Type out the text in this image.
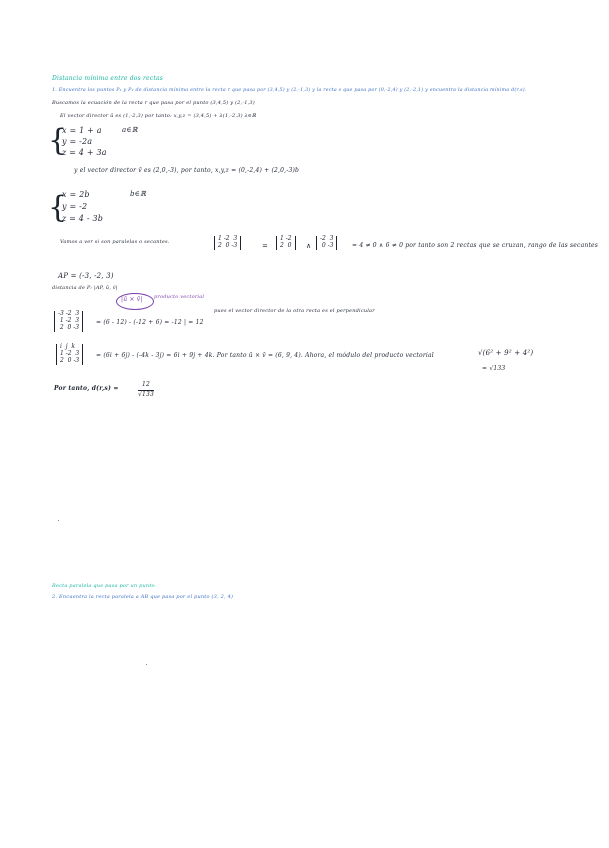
Distancia mínima entre dos rectas
1. Encuentra los puntos P₁ y P₂ de distancia mínima entre la recta r que pasa por (3,4,5) y (2,-1,3) y la recta s que pasa por (0,-2,4) y (2,-2,1) y encuentra la distancia mínima d(r,s).
Buscamos la ecuación de la recta r que pasa por el punto (3,4,5) y (2,-1,3)
El vector director ū es (1,-2,3) por tanto: x,y,z = (3,4,5) + λ(1,-2,3) λ∈ℝ
{
x = 1 + a
y = -2a
z = 4 + 3a
a∈ℝ
y el vector director v̄ es (2,0,-3), por tanto, x,y,z = (0,-2,4) + (2,0,-3)b
{
x = 2b
y = -2
z = 4 - 3b
b∈ℝ
Vamos a ver si son paralelas o secantes.	1 -2  3
2  0 -3	=
1 -2
2  0	∧
-2  3
0 -3	= 4 ≠ 0 ∧ 6 ≠ 0 por tanto son 2 rectas que se cruzan, rango de las secantes
AP = (-3, -2, 3)
distancia de P: |AP, ū, v̄|
|ū × v̄| producto vectorial
pues el vector director de la otra recta es el perpendicular
-3 -2  3
1 -2  3
2  0 -3
= (6 - 12) - (-12 + 6) = -12 | = 12
i  j  k
1 -2  3
2  0 -3
= (6i + 6j) - (-4k - 3j) = 6i + 9j + 4k. Por tanto ū × v̄ = (6, 9, 4). Ahora, el módulo del producto vectorial	√(6² + 9² + 4²)
= √133
Por tanto, d(r,s) =
12
√133
Recta paralela que pasa por un punto.
2. Encuentra la recta paralela a AB que pasa por el punto (3, 2, 4)
